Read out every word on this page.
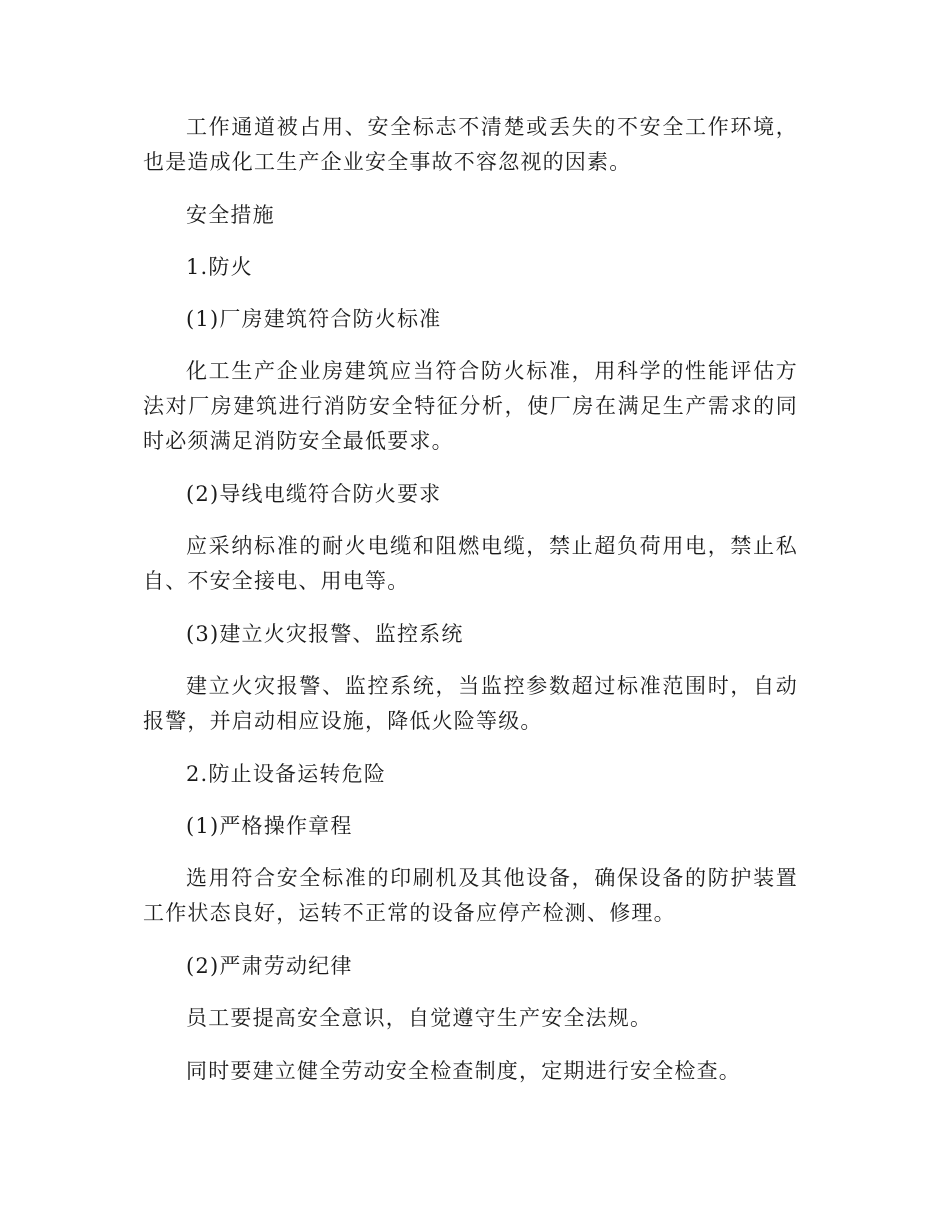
工作通道被占用、安全标志不清楚或丢失的不安全工作环境，也是造成化工生产企业安全事故不容忽视的因素。

安全措施

1.防火

(1)厂房建筑符合防火标准

化工生产企业房建筑应当符合防火标准，用科学的性能评估方法对厂房建筑进行消防安全特征分析，使厂房在满足生产需求的同时必须满足消防安全最低要求。

(2)导线电缆符合防火要求

应采纳标准的耐火电缆和阻燃电缆，禁止超负荷用电，禁止私自、不安全接电、用电等。

(3)建立火灾报警、监控系统

建立火灾报警、监控系统，当监控参数超过标准范围时，自动报警，并启动相应设施，降低火险等级。

2.防止设备运转危险

(1)严格操作章程

选用符合安全标准的印刷机及其他设备，确保设备的防护装置工作状态良好，运转不正常的设备应停产检测、修理。

(2)严肃劳动纪律

员工要提高安全意识，自觉遵守生产安全法规。

同时要建立健全劳动安全检查制度，定期进行安全检查。
